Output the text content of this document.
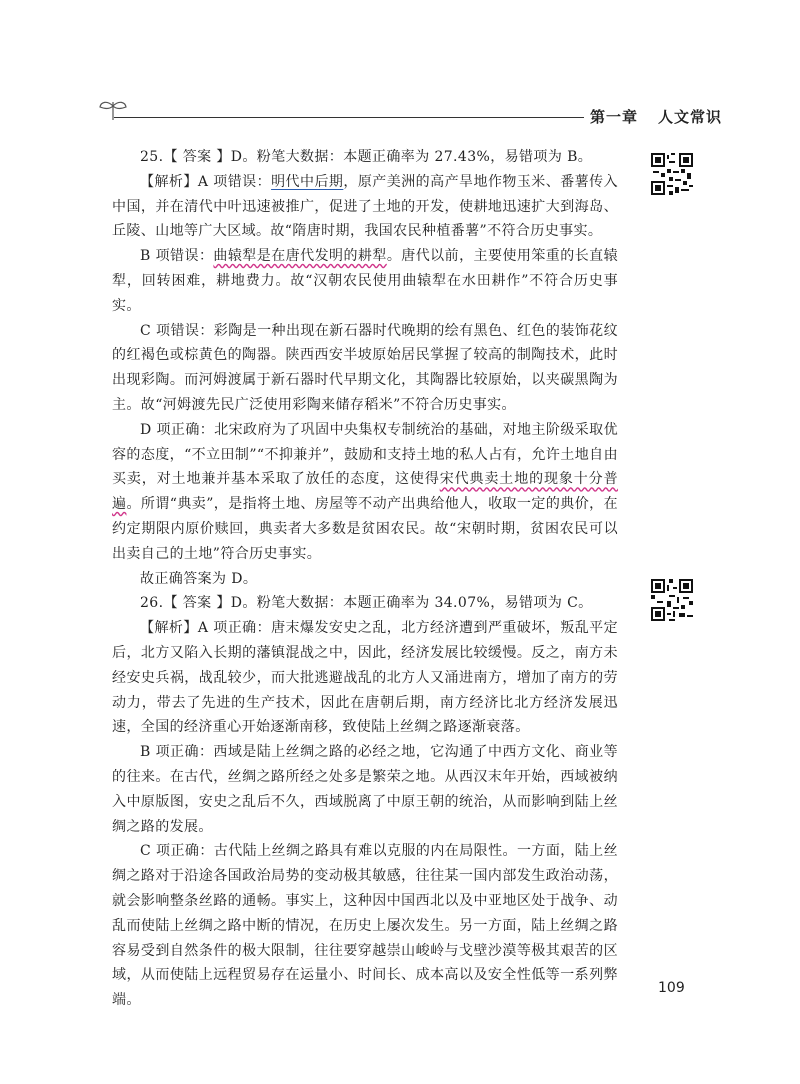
第一章 人文常识

25.【 答案 】D。粉笔大数据：本题正确率为 27.43%，易错项为 B。

【解析】A 项错误：明代中后期，原产美洲的高产旱地作物玉米、番薯传入中国，并在清代中叶迅速被推广，促进了土地的开发，使耕地迅速扩大到海岛、丘陵、山地等广大区域。故“隋唐时期，我国农民种植番薯”不符合历史事实。

B 项错误：曲辕犁是在唐代发明的耕犁。唐代以前，主要使用笨重的长直辕犁，回转困难，耕地费力。故“汉朝农民使用曲辕犁在水田耕作”不符合历史事实。

C 项错误：彩陶是一种出现在新石器时代晚期的绘有黑色、红色的装饰花纹的红褐色或棕黄色的陶器。陕西西安半坡原始居民掌握了较高的制陶技术，此时出现彩陶。而河姆渡属于新石器时代早期文化，其陶器比较原始，以夹碳黑陶为主。故“河姆渡先民广泛使用彩陶来储存稻米”不符合历史事实。

D 项正确：北宋政府为了巩固中央集权专制统治的基础，对地主阶级采取优容的态度，“不立田制”“不抑兼并”，鼓励和支持土地的私人占有，允许土地自由买卖，对土地兼并基本采取了放任的态度，这使得宋代典卖土地的现象十分普遍。所谓“典卖”，是指将土地、房屋等不动产出典给他人，收取一定的典价，在约定期限内原价赎回，典卖者大多数是贫困农民。故“宋朝时期，贫困农民可以出卖自己的土地”符合历史事实。

故正确答案为 D。

26.【 答案 】D。粉笔大数据：本题正确率为 34.07%，易错项为 C。

【解析】A 项正确：唐末爆发安史之乱，北方经济遭到严重破坏，叛乱平定后，北方又陷入长期的藩镇混战之中，因此，经济发展比较缓慢。反之，南方未经安史兵祸，战乱较少，而大批逃避战乱的北方人又涌进南方，增加了南方的劳动力，带去了先进的生产技术，因此在唐朝后期，南方经济比北方经济发展迅速，全国的经济重心开始逐渐南移，致使陆上丝绸之路逐渐衰落。

B 项正确：西域是陆上丝绸之路的必经之地，它沟通了中西方文化、商业等的往来。在古代，丝绸之路所经之处多是繁荣之地。从西汉末年开始，西域被纳入中原版图，安史之乱后不久，西域脱离了中原王朝的统治，从而影响到陆上丝绸之路的发展。

C 项正确：古代陆上丝绸之路具有难以克服的内在局限性。一方面，陆上丝绸之路对于沿途各国政治局势的变动极其敏感，往往某一国内部发生政治动荡，就会影响整条丝路的通畅。事实上，这种因中国西北以及中亚地区处于战争、动乱而使陆上丝绸之路中断的情况，在历史上屡次发生。另一方面，陆上丝绸之路容易受到自然条件的极大限制，往往要穿越崇山峻岭与戈壁沙漠等极其艰苦的区域，从而使陆上远程贸易存在运量小、时间长、成本高以及安全性低等一系列弊端。

109
